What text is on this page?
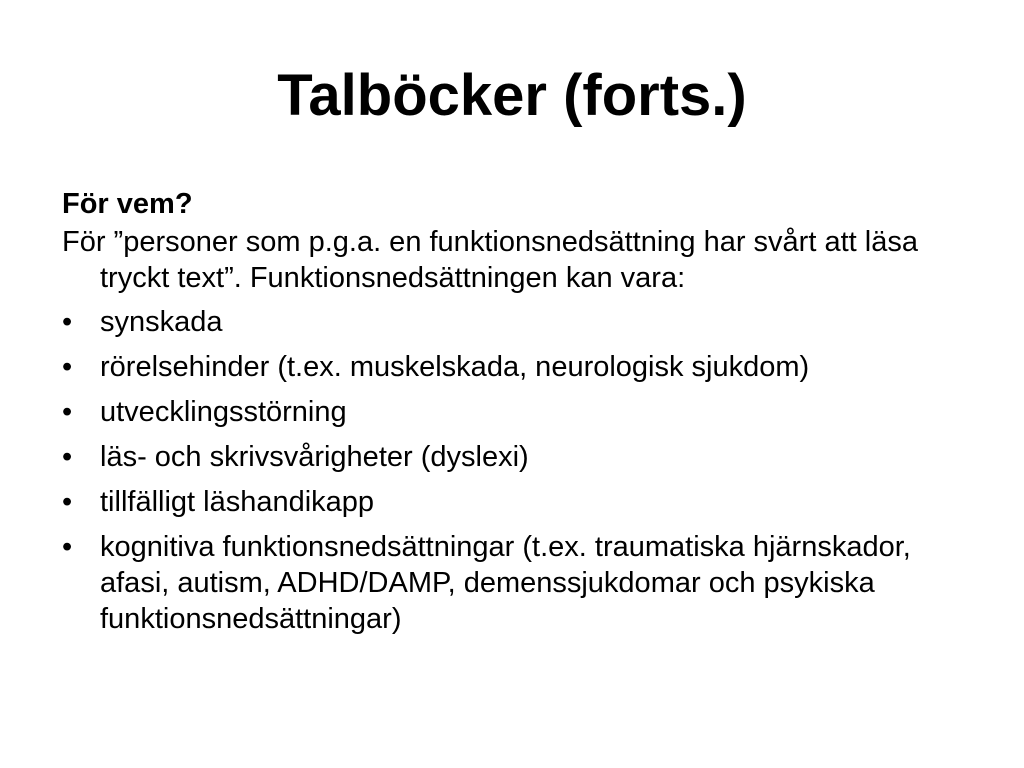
Talböcker (forts.)
För vem?
För ”personer som p.g.a. en funktionsnedsättning har svårt att läsa tryckt text”. Funktionsnedsättningen kan vara:
• synskada
• rörelsehinder (t.ex. muskelskada, neurologisk sjukdom)
• utvecklingsstörning
• läs- och skrivsvårigheter (dyslexi)
• tillfälligt läshandikapp
• kognitiva funktionsnedsättningar (t.ex. traumatiska hjärnskador, afasi, autism, ADHD/DAMP, demenssjukdomar och psykiska funktionsnedsättningar)
